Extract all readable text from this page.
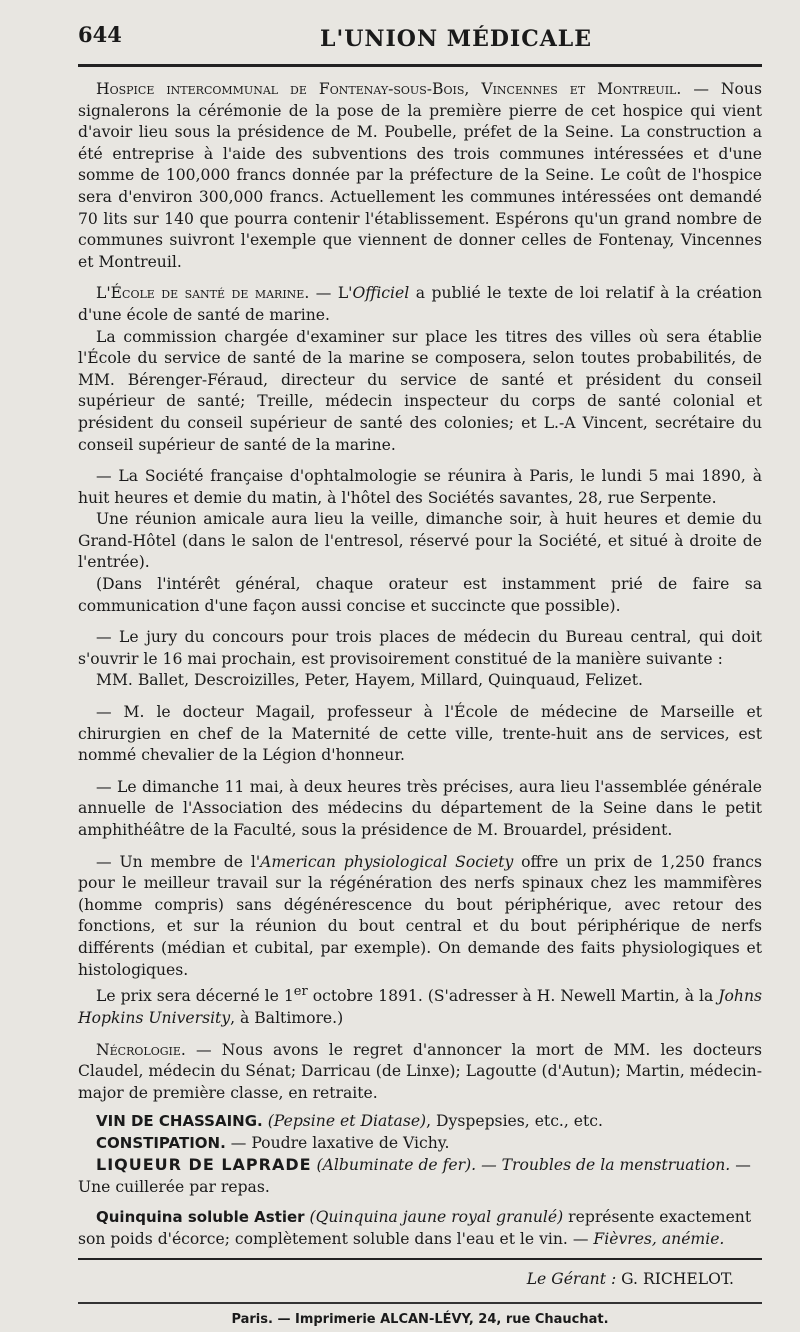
644	L'UNION MÉDICALE

Hospice intercommunal de Fontenay-sous-Bois, Vincennes et Montreuil. — Nous signalerons la cérémonie de la pose de la première pierre de cet hospice qui vient d'avoir lieu sous la présidence de M. Poubelle, préfet de la Seine. La construction a été entreprise à l'aide des subventions des trois communes intéressées et d'une somme de 100,000 francs donnée par la préfecture de la Seine. Le coût de l'hospice sera d'environ 300,000 francs. Actuellement les communes intéressées ont demandé 70 lits sur 140 que pourra contenir l'établissement. Espérons qu'un grand nombre de communes suivront l'exemple que viennent de donner celles de Fontenay, Vincennes et Montreuil.

L'École de santé de marine. — L'Officiel a publié le texte de loi relatif à la création d'une école de santé de marine.

La commission chargée d'examiner sur place les titres des villes où sera établie l'École du service de santé de la marine se composera, selon toutes probabilités, de MM. Bérenger-Féraud, directeur du service de santé et président du conseil supérieur de santé; Treille, médecin inspecteur du corps de santé colonial et président du conseil supérieur de santé des colonies; et L.-A Vincent, secrétaire du conseil supérieur de santé de la marine.

— La Société française d'ophtalmologie se réunira à Paris, le lundi 5 mai 1890, à huit heures et demie du matin, à l'hôtel des Sociétés savantes, 28, rue Serpente.

Une réunion amicale aura lieu la veille, dimanche soir, à huit heures et demie du Grand-Hôtel (dans le salon de l'entresol, réservé pour la Société, et situé à droite de l'entrée).

(Dans l'intérêt général, chaque orateur est instamment prié de faire sa communication d'une façon aussi concise et succincte que possible).

— Le jury du concours pour trois places de médecin du Bureau central, qui doit s'ouvrir le 16 mai prochain, est provisoirement constitué de la manière suivante :

MM. Ballet, Descroizilles, Peter, Hayem, Millard, Quinquaud, Felizet.

— M. le docteur Magail, professeur à l'École de médecine de Marseille et chirurgien en chef de la Maternité de cette ville, trente-huit ans de services, est nommé chevalier de la Légion d'honneur.

— Le dimanche 11 mai, à deux heures très précises, aura lieu l'assemblée générale annuelle de l'Association des médecins du département de la Seine dans le petit amphithéâtre de la Faculté, sous la présidence de M. Brouardel, président.

— Un membre de l'American physiological Society offre un prix de 1,250 francs pour le meilleur travail sur la régénération des nerfs spinaux chez les mammifères (homme compris) sans dégénérescence du bout périphérique, avec retour des fonctions, et sur la réunion du bout central et du bout périphérique de nerfs différents (médian et cubital, par exemple). On demande des faits physiologiques et histologiques.

Le prix sera décerné le 1er octobre 1891. (S'adresser à H. Newell Martin, à la Johns Hopkins University, à Baltimore.)

Nécrologie. — Nous avons le regret d'annoncer la mort de MM. les docteurs Claudel, médecin du Sénat; Darricau (de Linxe); Lagoutte (d'Autun); Martin, médecin-major de première classe, en retraite.

VIN DE CHASSAING. (Pepsine et Diatase), Dyspepsies, etc., etc.

CONSTIPATION. — Poudre laxative de Vichy.

LIQUEUR DE LAPRADE (Albuminate de fer). — Troubles de la menstruation. — Une cuillerée par repas.

Quinquina soluble Astier (Quinquina jaune royal granulé) représente exactement son poids d'écorce; complètement soluble dans l'eau et le vin. — Fièvres, anémie.

Le Gérant : G. RICHELOT.

Paris. — Imprimerie ALCAN-LÉVY, 24, rue Chauchat.
